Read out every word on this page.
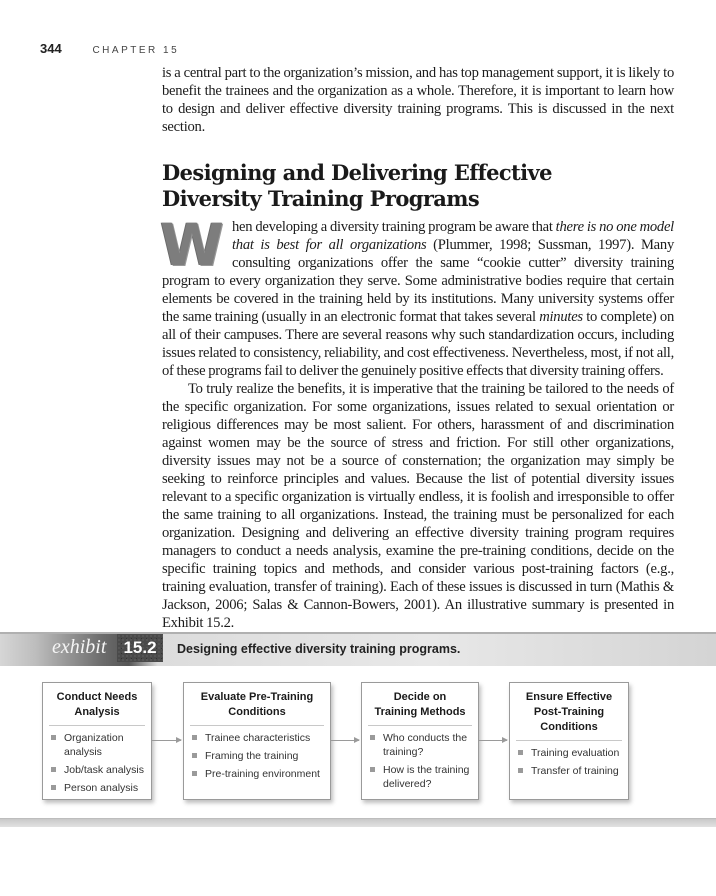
344	CHAPTER 15

is a central part to the organization’s mission, and has top management support, it is likely to benefit the trainees and the organization as a whole. Therefore, it is important to learn how to design and deliver effective diversity training programs. This is discussed in the next section.

Designing and Delivering Effective
Diversity Training Programs

When developing a diversity training program be aware that there is no one model that is best for all organizations (Plummer, 1998; Sussman, 1997). Many consulting organizations offer the same “cookie cutter” diversity training program to every organization they serve. Some administrative bodies require that certain elements be covered in the training held by its institutions. Many university systems offer the same training (usually in an electronic format that takes several minutes to complete) on all of their campuses. There are several reasons why such standardization occurs, including issues related to consistency, reliability, and cost effectiveness. Nevertheless, most, if not all, of these programs fail to deliver the genuinely positive effects that diversity training offers.

To truly realize the benefits, it is imperative that the training be tailored to the needs of the specific organization. For some organizations, issues related to sexual orientation or religious differences may be most salient. For others, harassment of and discrimination against women may be the source of stress and friction. For still other organizations, diversity issues may not be a source of consternation; the organization may simply be seeking to reinforce principles and values. Because the list of potential diversity issues relevant to a specific organization is virtually endless, it is foolish and irresponsible to offer the same training to all organizations. Instead, the training must be personalized for each organization. Designing and delivering an effective diversity training program requires managers to conduct a needs analysis, examine the pre-training conditions, decide on the specific training topics and methods, and consider various post-training factors (e.g., training evaluation, transfer of training). Each of these issues is discussed in turn (Mathis & Jackson, 2006; Salas & Cannon-Bowers, 2001). An illustrative summary is presented in Exhibit 15.2.

exhibit	15.2	Designing effective diversity training programs.
Conduct Needs Analysis
Organization analysis
Job/task analysis
Person analysis
Evaluate Pre-Training Conditions
Trainee characteristics
Framing the training
Pre-training environment
Decide on Training Methods
Who conducts the training?
How is the training delivered?
Ensure Effective Post-Training Conditions
Training evaluation
Transfer of training
